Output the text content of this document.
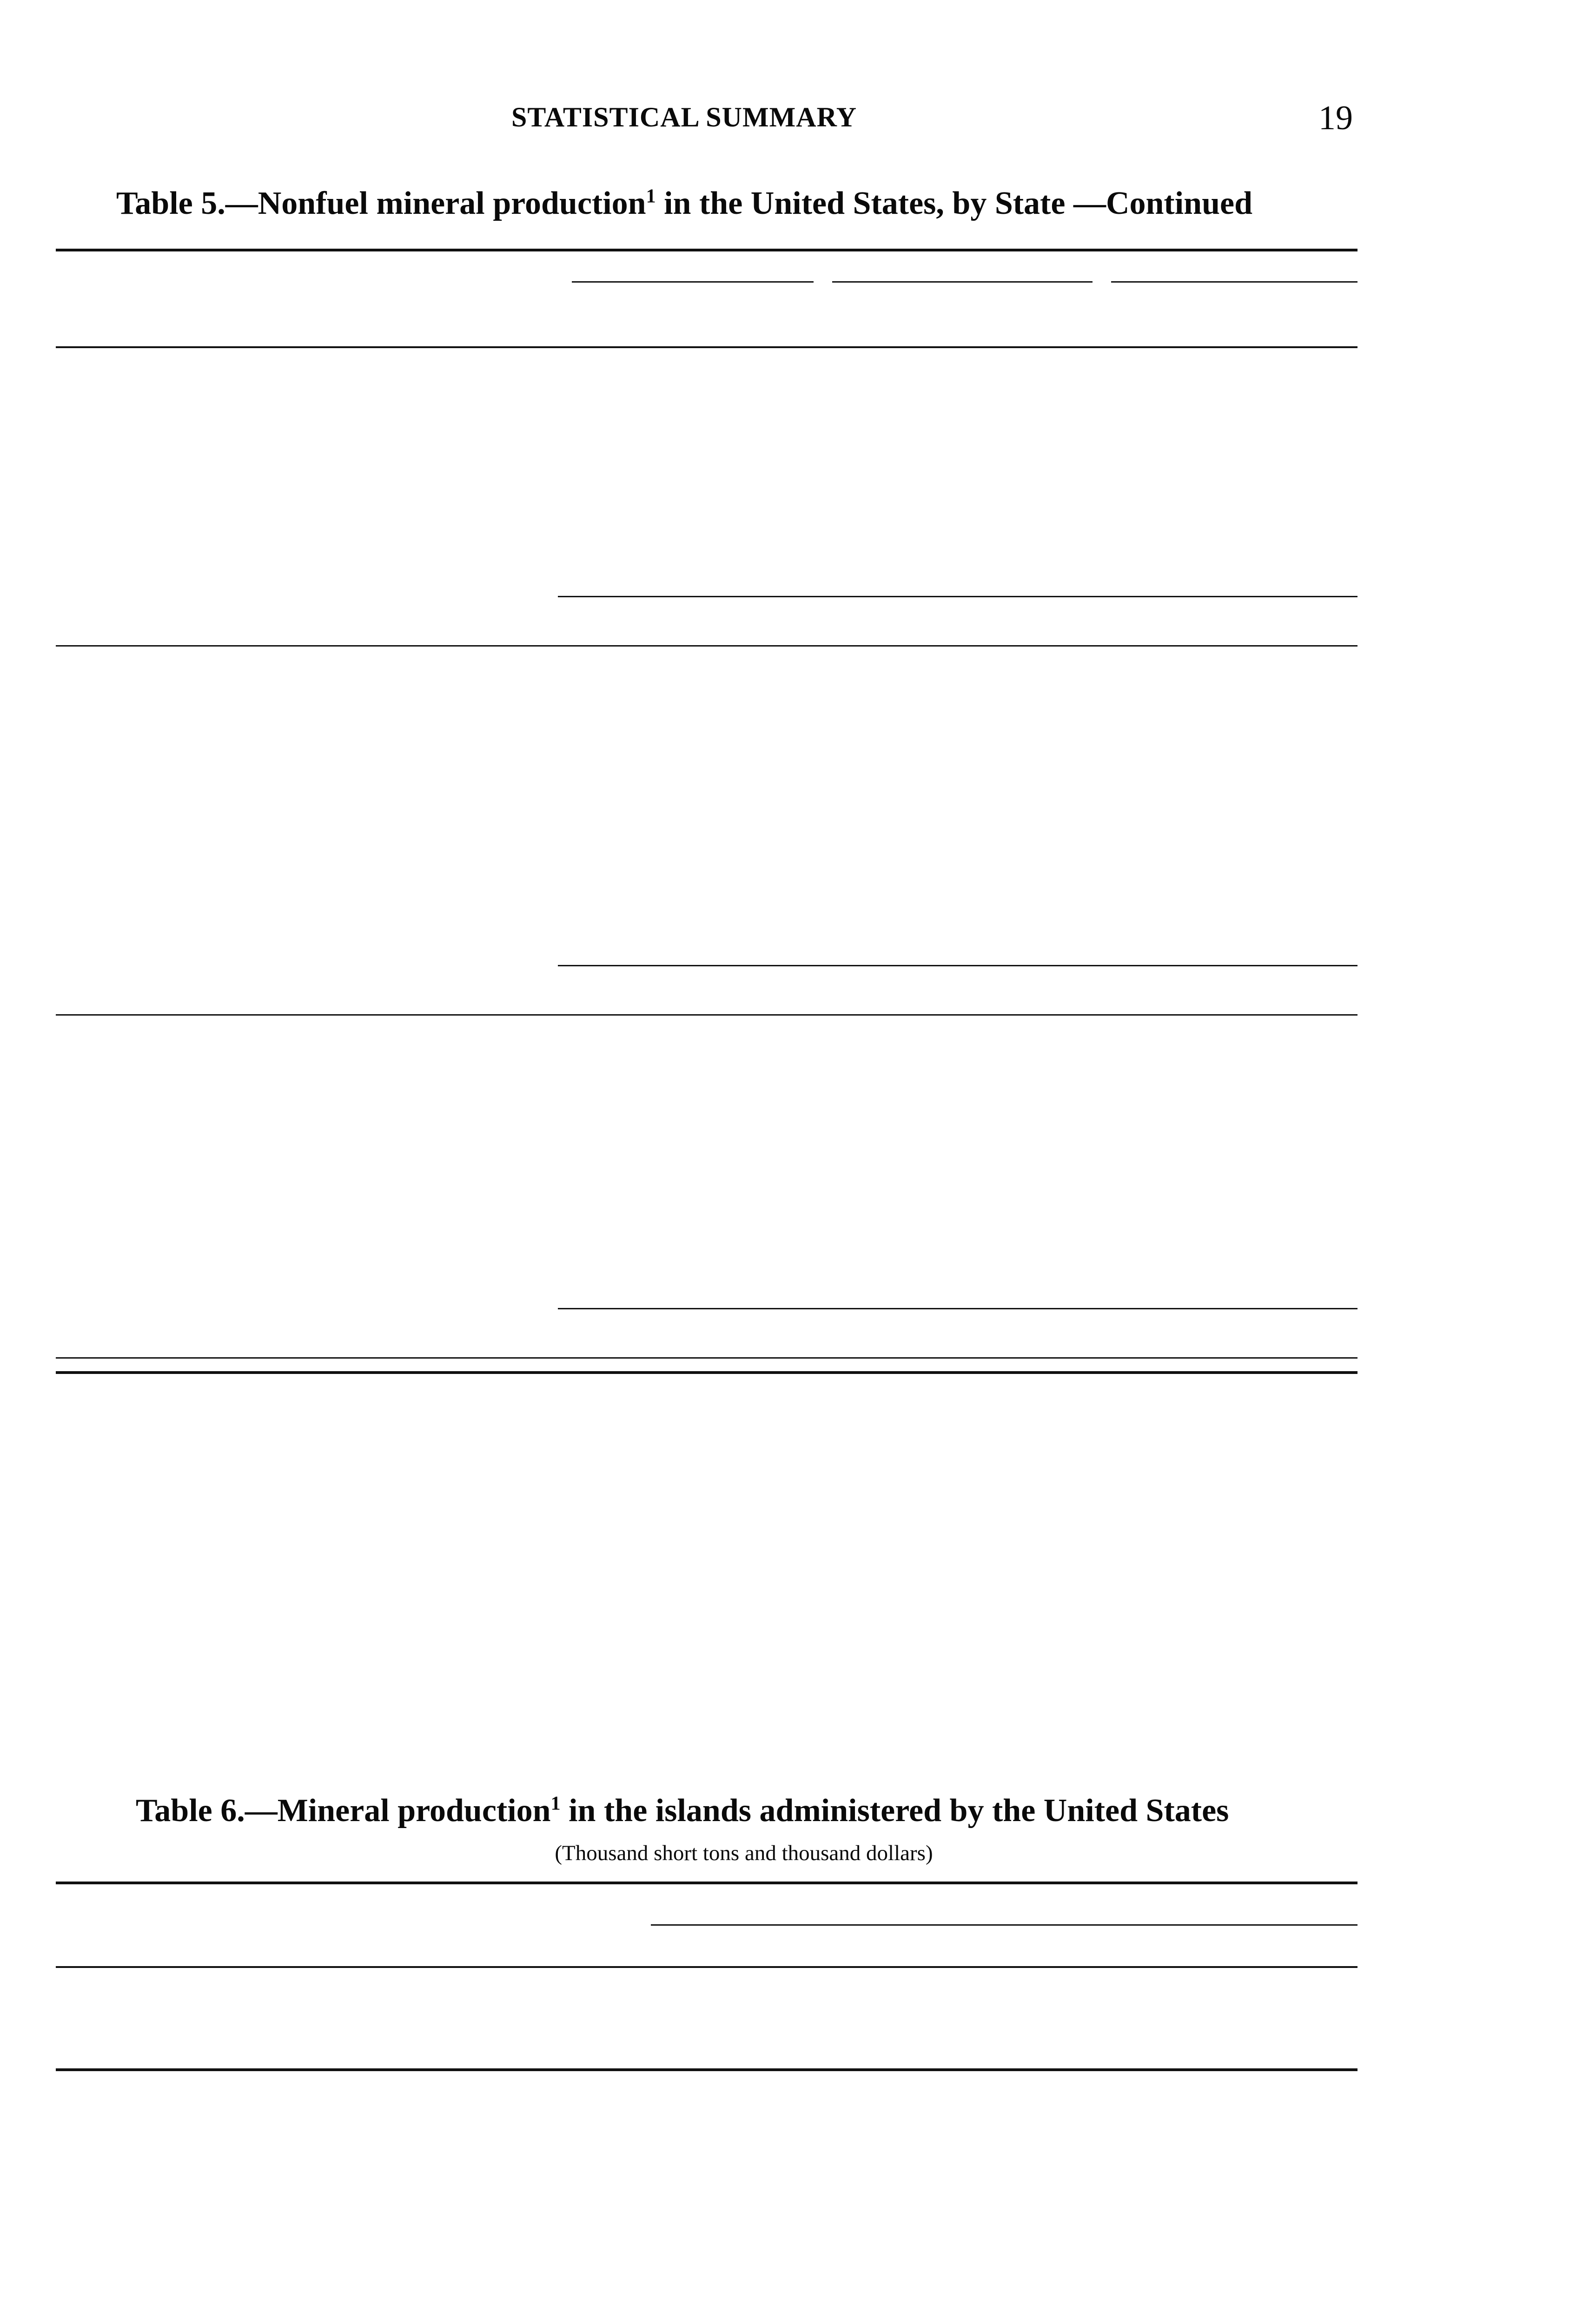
STATISTICAL SUMMARY	19
Table 5.—Nonfuel mineral production$^1$ in the United States, by State —Continued
Table 6.—Mineral production$^1$ in the islands administered by the United States
(Thousand short tons and thousand dollars)
